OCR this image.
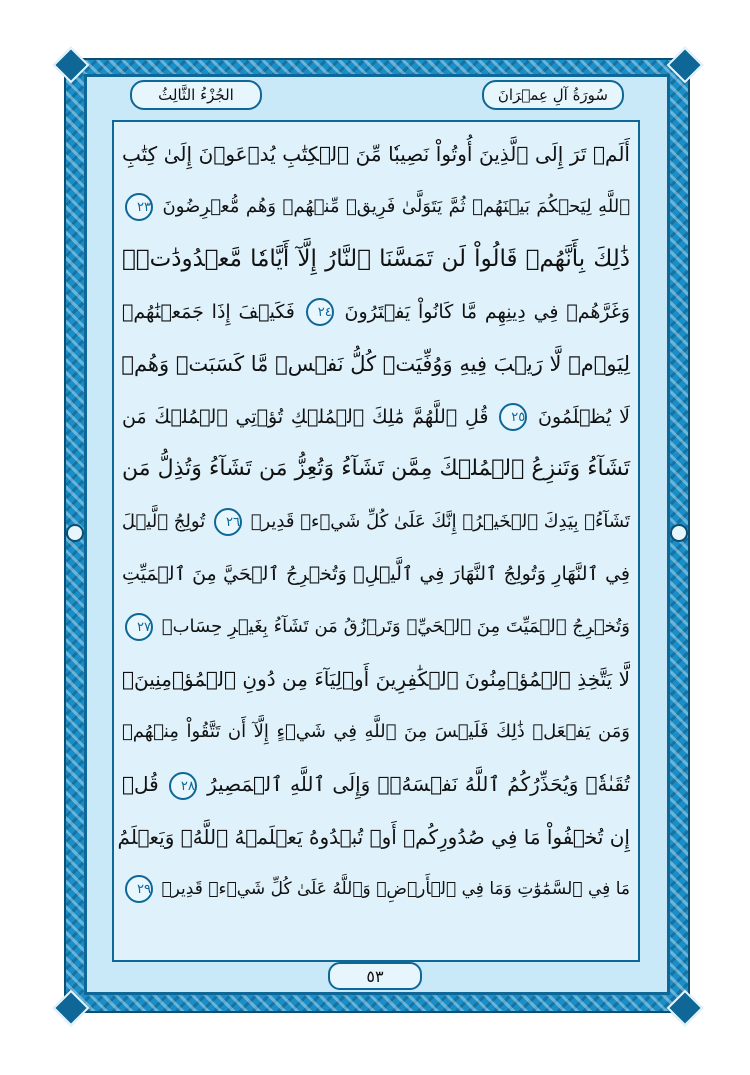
الجُزْءُ الثَّالِثُ	سُورَةُ آلِ عِمۡرَانَ
أَلَمۡ تَرَ إِلَى ٱلَّذِينَ أُوتُواْ نَصِيبٗا مِّنَ ٱلۡكِتَٰبِ يُدۡعَوۡنَ إِلَىٰ كِتَٰبِ
ٱللَّهِ لِيَحۡكُمَ بَيۡنَهُمۡ ثُمَّ يَتَوَلَّىٰ فَرِيقٞ مِّنۡهُمۡ وَهُم مُّعۡرِضُونَ ٢٣
ذَٰلِكَ بِأَنَّهُمۡ قَالُواْ لَن تَمَسَّنَا ٱلنَّارُ إِلَّآ أَيَّامٗا مَّعۡدُودَٰتٖۖ
وَغَرَّهُمۡ فِي دِينِهِم مَّا كَانُواْ يَفۡتَرُونَ ٢٤ فَكَيۡفَ إِذَا جَمَعۡنَٰهُمۡ
لِيَوۡمٖ لَّا رَيۡبَ فِيهِ وَوُفِّيَتۡ كُلُّ نَفۡسٖ مَّا كَسَبَتۡ وَهُمۡ
لَا يُظۡلَمُونَ ٢٥ قُلِ ٱللَّهُمَّ مَٰلِكَ ٱلۡمُلۡكِ تُؤۡتِي ٱلۡمُلۡكَ مَن
تَشَآءُ وَتَنزِعُ ٱلۡمُلۡكَ مِمَّن تَشَآءُ وَتُعِزُّ مَن تَشَآءُ وَتُذِلُّ مَن
تَشَآءُۖ بِيَدِكَ ٱلۡخَيۡرُۖ إِنَّكَ عَلَىٰ كُلِّ شَيۡءٖ قَدِيرٞ ٢٦ تُولِجُ ٱلَّيۡلَ
فِي ٱلنَّهَارِ وَتُولِجُ ٱلنَّهَارَ فِي ٱلَّيۡلِۖ وَتُخۡرِجُ ٱلۡحَيَّ مِنَ ٱلۡمَيِّتِ
وَتُخۡرِجُ ٱلۡمَيِّتَ مِنَ ٱلۡحَيِّۖ وَتَرۡزُقُ مَن تَشَآءُ بِغَيۡرِ حِسَابٖ ٢٧
لَّا يَتَّخِذِ ٱلۡمُؤۡمِنُونَ ٱلۡكَٰفِرِينَ أَوۡلِيَآءَ مِن دُونِ ٱلۡمُؤۡمِنِينَۖ
وَمَن يَفۡعَلۡ ذَٰلِكَ فَلَيۡسَ مِنَ ٱللَّهِ فِي شَيۡءٍ إِلَّآ أَن تَتَّقُواْ مِنۡهُمۡ
تُقَىٰةٗۗ وَيُحَذِّرُكُمُ ٱللَّهُ نَفۡسَهُۥۗ وَإِلَى ٱللَّهِ ٱلۡمَصِيرُ ٢٨ قُلۡ
إِن تُخۡفُواْ مَا فِي صُدُورِكُمۡ أَوۡ تُبۡدُوهُ يَعۡلَمۡهُ ٱللَّهُۗ وَيَعۡلَمُ
مَا فِي ٱلسَّمَٰوَٰتِ وَمَا فِي ٱلۡأَرۡضِۗ وَٱللَّهُ عَلَىٰ كُلِّ شَيۡءٖ قَدِيرٞ ٢٩
٥٣
